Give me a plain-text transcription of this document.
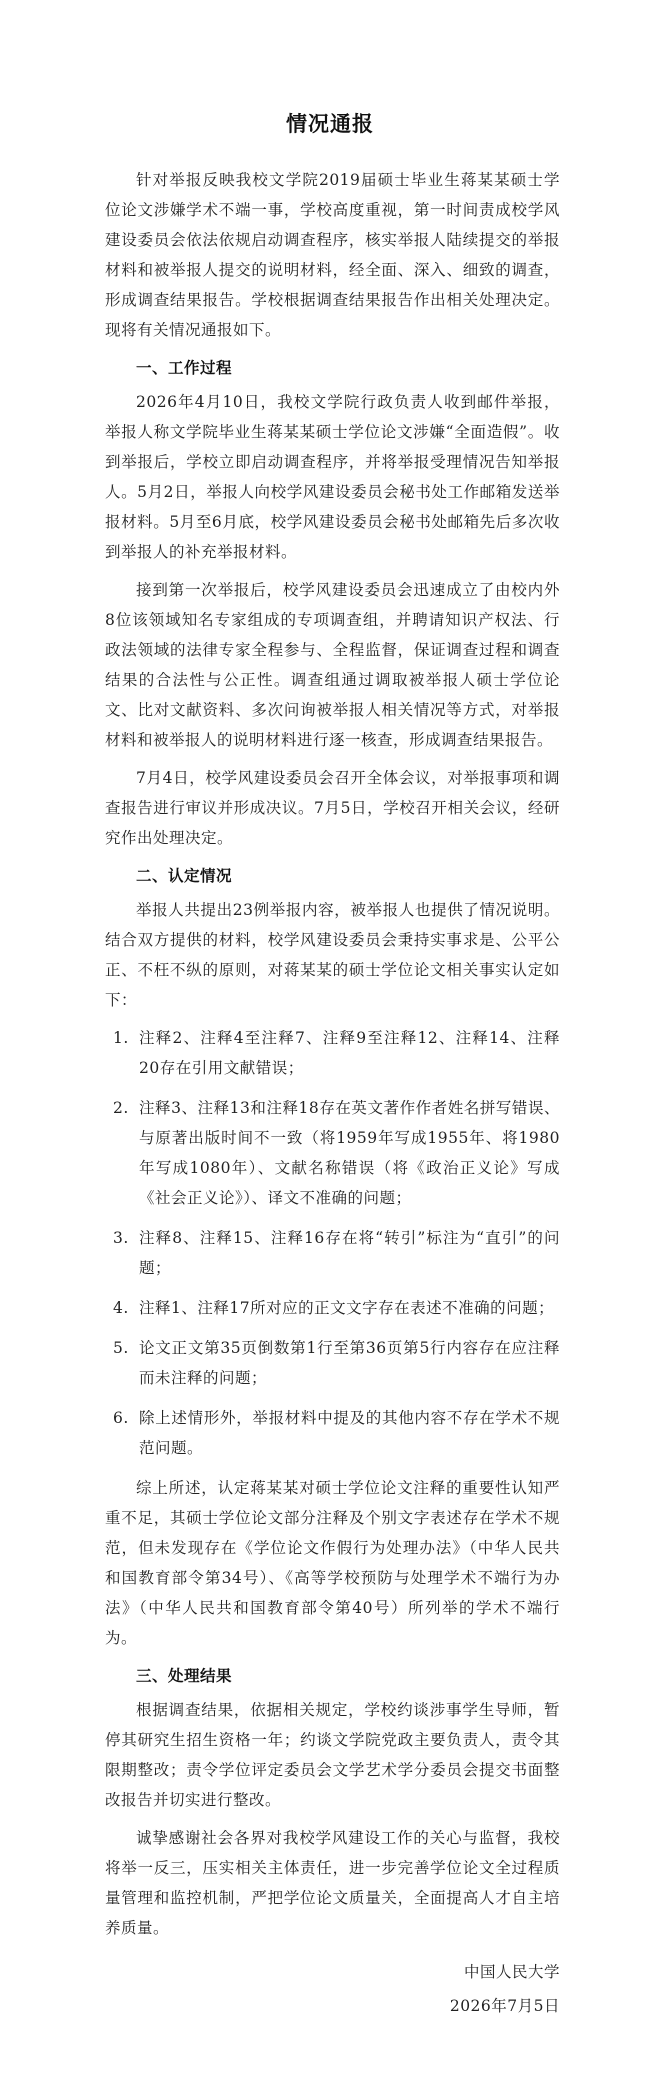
情况通报

针对举报反映我校文学院2019届硕士毕业生蒋某某硕士学位论文涉嫌学术不端一事，学校高度重视，第一时间责成校学风建设委员会依法依规启动调查程序，核实举报人陆续提交的举报材料和被举报人提交的说明材料，经全面、深入、细致的调查，形成调查结果报告。学校根据调查结果报告作出相关处理决定。现将有关情况通报如下。

一、工作过程

2026年4月10日，我校文学院行政负责人收到邮件举报，举报人称文学院毕业生蒋某某硕士学位论文涉嫌“全面造假”。收到举报后，学校立即启动调查程序，并将举报受理情况告知举报人。5月2日，举报人向校学风建设委员会秘书处工作邮箱发送举报材料。5月至6月底，校学风建设委员会秘书处邮箱先后多次收到举报人的补充举报材料。

接到第一次举报后，校学风建设委员会迅速成立了由校内外8位该领域知名专家组成的专项调查组，并聘请知识产权法、行政法领域的法律专家全程参与、全程监督，保证调查过程和调查结果的合法性与公正性。调查组通过调取被举报人硕士学位论文、比对文献资料、多次问询被举报人相关情况等方式，对举报材料和被举报人的说明材料进行逐一核查，形成调查结果报告。

7月4日，校学风建设委员会召开全体会议，对举报事项和调查报告进行审议并形成决议。7月5日，学校召开相关会议，经研究作出处理决定。

二、认定情况

举报人共提出23例举报内容，被举报人也提供了情况说明。结合双方提供的材料，校学风建设委员会秉持实事求是、公平公正、不枉不纵的原则，对蒋某某的硕士学位论文相关事实认定如下：

1. 注释2、注释4至注释7、注释9至注释12、注释14、注释20存在引用文献错误；
2. 注释3、注释13和注释18存在英文著作作者姓名拼写错误、与原著出版时间不一致（将1959年写成1955年、将1980年写成1080年）、文献名称错误（将《政治正义论》写成《社会正义论》）、译文不准确的问题；
3. 注释8、注释15、注释16存在将“转引”标注为“直引”的问题；
4. 注释1、注释17所对应的正文文字存在表述不准确的问题；
5. 论文正文第35页倒数第1行至第36页第5行内容存在应注释而未注释的问题；
6. 除上述情形外，举报材料中提及的其他内容不存在学术不规范问题。

综上所述，认定蒋某某对硕士学位论文注释的重要性认知严重不足，其硕士学位论文部分注释及个别文字表述存在学术不规范，但未发现存在《学位论文作假行为处理办法》（中华人民共和国教育部令第34号）、《高等学校预防与处理学术不端行为办法》（中华人民共和国教育部令第40号）所列举的学术不端行为。

三、处理结果

根据调查结果，依据相关规定，学校约谈涉事学生导师，暂停其研究生招生资格一年；约谈文学院党政主要负责人，责令其限期整改；责令学位评定委员会文学艺术学分委员会提交书面整改报告并切实进行整改。

诚挚感谢社会各界对我校学风建设工作的关心与监督，我校将举一反三，压实相关主体责任，进一步完善学位论文全过程质量管理和监控机制，严把学位论文质量关，全面提高人才自主培养质量。

中国人民大学
2026年7月5日
